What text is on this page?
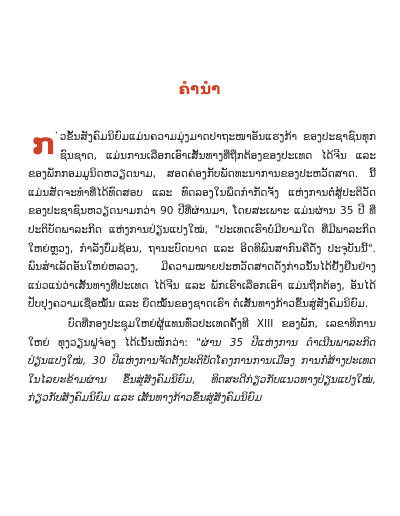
ຄຳນຳ

ກ ່ວຂັ້ນສັງຄົມນິຍົມແມ່ນຄວາມມຸ່ງມາດປາຖະໜາອັນແຮງກ້າ ຂອງປະຊາຊົນທຸກຊົນຊາດ, ແມ່ນການເລືອກເອົາເສັ້ນທາງທີ່ຖືກຕ້ອງຂອງປະເທດ ໄດ້ຈີນ ແລະ ຂອງພັກກອມມູນິດຫວຽດນາມ, ສອດຄ່ອງກັບພັດທະນາການຂອງປະຫວັດສາດ. ນີ້ແມ່ນສັດຈະທຳທີ່ໄດ້ທົດສອບ ແລະ ທົດລອງໃນພຶດກຳກັດຈັງ ແຫ່ງການຕໍ່ສູ້ປະຕິວັດຂອງປະຊາຊົນຫວຽດນາມກວ່າ 90 ປີທີ່ຜ່ານມາ, ໂດຍສະເພາະ ແມ່ນຜ່ານ 35 ປີ ທີ່ປະຕິບັດພາລະກິດ ແຫ່ງການປ່ຽນແປງໃໝ່, "ປະເທດເຮົາບໍ່ມີຍາມໃດ ທີ່ມີພາລະກິດໃຫຍ່ຫຼວງ, ກຳລັງບົ່ມຊ້ອນ, ຖານະບົດບາດ ແລະ ອິດທິພົນສາກົນຄືດັ່ງ ປະຈຸບັນນີ້". ພົນສຳເລັດອັນໃຫຍ່ຫລວງ, ມີຄວາມໝາຍປະຫວັດສາດດັ່ງກ່າວນັ້ນໄດ້ຢັ້ງຢືນຢ່າງແນ່ວແນ່ວ່າເສັ້ນທາງທີ່ປະເທດ ໄດ້ຈີນ ແລະ ພັກເຮົາເລືອກເອົາ ແມ່ນຖືກຕ້ອງ, ອັນໄດ້ປັບປຸງຄວາມເຊື່ອໝັ້ນ ແລະ ຍຶດໝັ້ນຂອງຊາດເຮົາ ຕໍ່ເສັ້ນທາງກ້າວຂຶ້ນສູ່ສັງຄົມນິຍົມ.

ບົດທີ່ກອງປະຊຸມໃຫຍ່ຜູ້ແທນທົ່ວປະເທດຄັ້ງທີ XIII ຂອງພັກ, ເລຂາທິການໃຫຍ່ ທຸງວຽນຟູຈ່ອງ ໄດ້ເນັ້ນໜັກວ່າ: "ຜ່ານ 35 ປີແຫ່ງການ ດຳເນີນພາລະກິດປ່ຽນແປງໃໝ່, 30 ປີແຫ່ງການຈັດຕັ້ງປະຕິບັດໂຄງການການເມືອງ ການກໍ່ສ້າງປະເທດໃນໄລຍະຂ້າມຜ່ານ ຂຶ້ນສູ່ສັງຄົມນິຍົມ, ທິດສະດີກ່ຽວກັບແນວທາງປ່ຽນແປງໃໝ່, ກ່ຽວກັບສັງຄົມນິຍົມ ແລະ ເສັ້ນທາງກ້າວຂຶ້ນສູ່ສັງຄົມນິຍົມ
